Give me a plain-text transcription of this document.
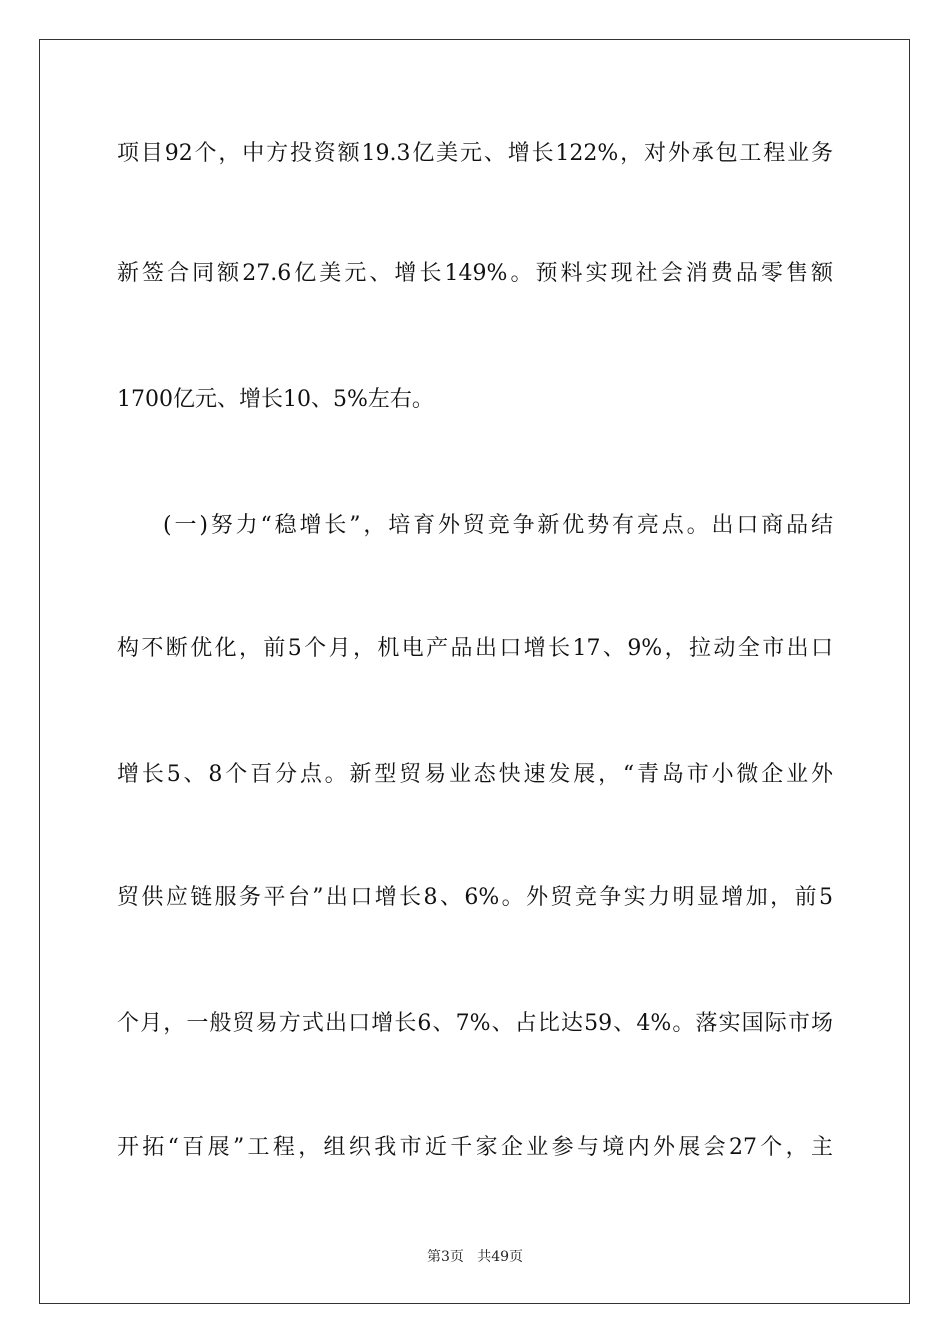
项目92个，中方投资额19.3亿美元、增长122%，对外承包工程业务
新签合同额27.6亿美元、增长149%。预料实现社会消费品零售额
1700亿元、增长10、5%左右。
(一)努力“稳增长”，培育外贸竞争新优势有亮点。出口商品结
构不断优化，前5个月，机电产品出口增长17、9%，拉动全市出口
增长5、8个百分点。新型贸易业态快速发展，“青岛市小微企业外
贸供应链服务平台”出口增长8、6%。外贸竞争实力明显增加，前5
个月，一般贸易方式出口增长6、7%、占比达59、4%。落实国际市场
开拓“百展”工程，组织我市近千家企业参与境内外展会27个，主
第3页   共49页
